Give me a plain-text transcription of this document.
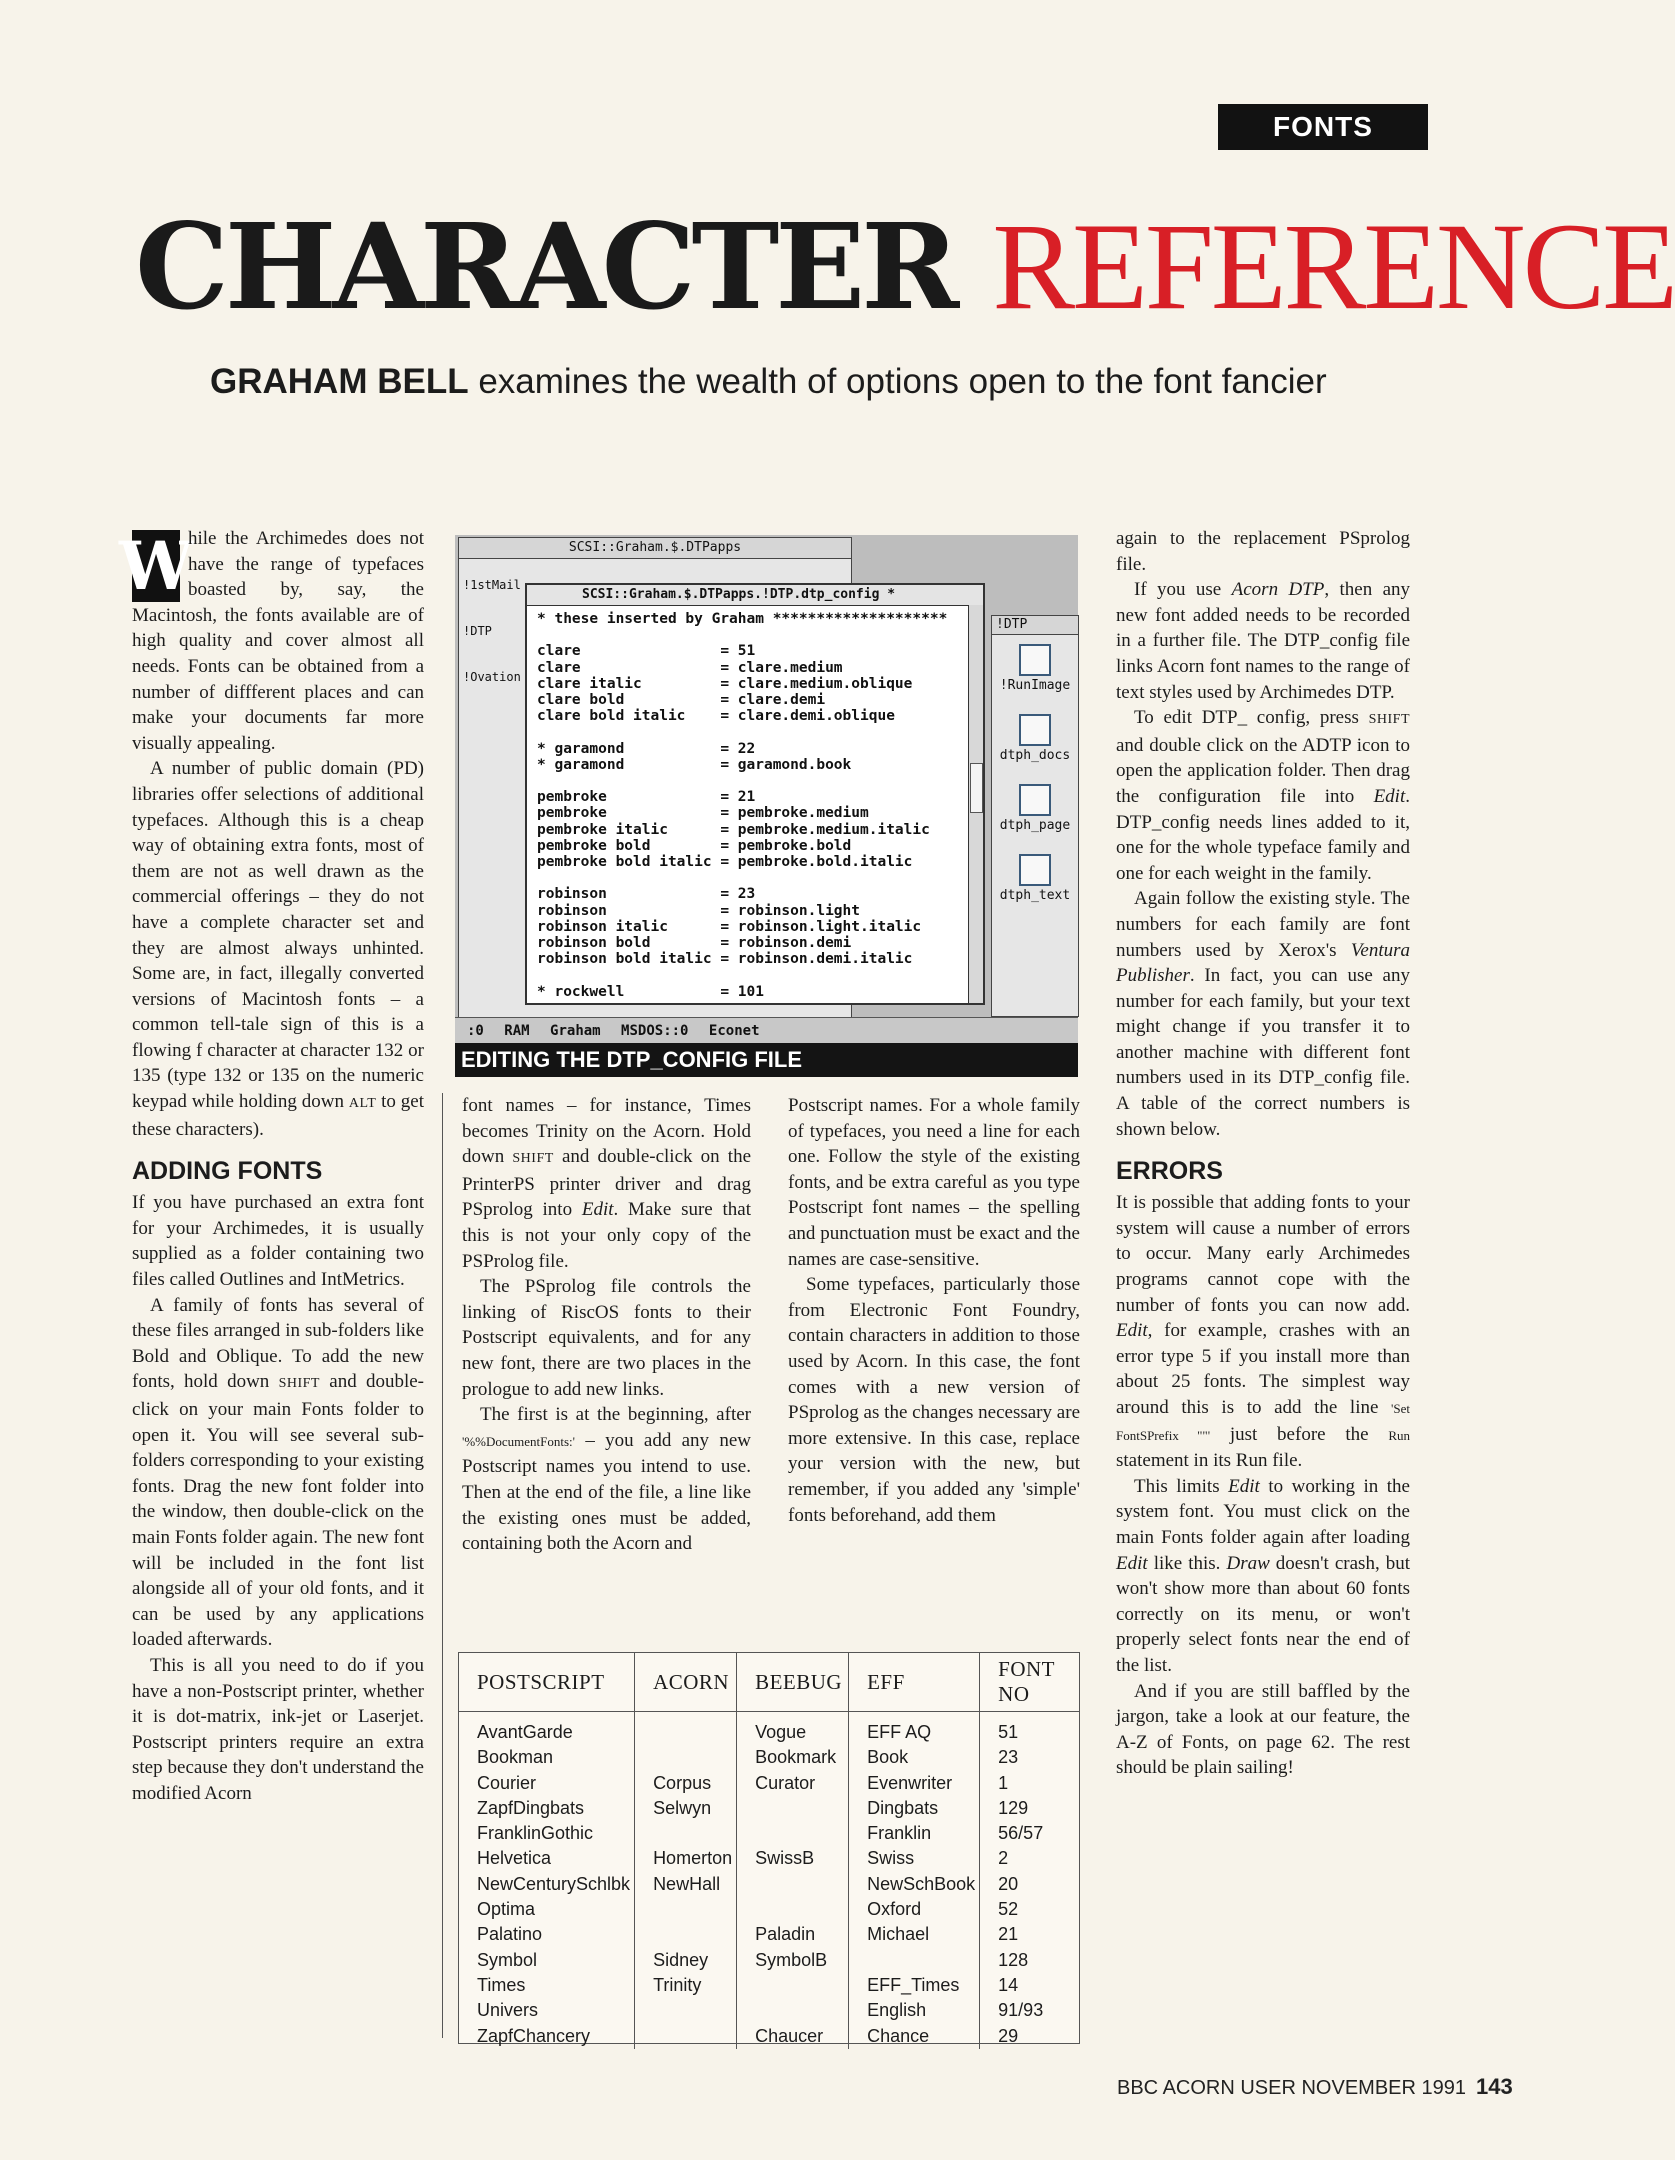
FONTS
CHARACTER REFERENCE
GRAHAM BELL examines the wealth of options open to the font fancier
W

hile the Archimedes does not have the range of typefaces boasted by, say, the Macintosh, the fonts available are of high quality and cover almost all needs. Fonts can be obtained from a number of diffferent places and can make your documents far more visually appealing.

A number of public domain (PD) libraries offer selections of additional typefaces. Although this is a cheap way of obtaining extra fonts, most of them are not as well drawn as the commercial offerings – they do not have a complete character set and they are almost always unhinted. Some are, in fact, illegally converted versions of Macintosh fonts – a common tell-tale sign of this is a flowing f character at character 132 or 135 (type 132 or 135 on the numeric keypad while holding down ALT to get these characters).

ADDING FONTS

If you have purchased an extra font for your Archimedes, it is usually supplied as a folder containing two files called Outlines and IntMetrics.

A family of fonts has several of these files arranged in sub-folders like Bold and Oblique. To add the new fonts, hold down SHIFT and double-click on your main Fonts folder to open it. You will see several sub-folders corresponding to your existing fonts. Drag the new font folder into the window, then double-click on the main Fonts folder again. The new font will be included in the font list alongside all of your old fonts, and it can be used by any applications loaded afterwards.

This is all you need to do if you have a non-Postscript printer, whether it is dot-matrix, ink-jet or Laserjet. Postscript printers require an extra step because they don't understand the modified Acorn

SCSI::Graham.$.DTPapps
!1stMail
!DTP
!Ovation
SCSI::Graham.$.DTPapps.!DTP.dtp_config *
* these inserted by Graham ********************
clare                = 51
clare                = clare.medium
clare italic         = clare.medium.oblique
clare bold           = clare.demi
clare bold italic    = clare.demi.oblique
* garamond           = 22
* garamond           = garamond.book
pembroke             = 21
pembroke             = pembroke.medium
pembroke italic      = pembroke.medium.italic
pembroke bold        = pembroke.bold
pembroke bold italic = pembroke.bold.italic
robinson             = 23
robinson             = robinson.light
robinson italic      = robinson.light.italic
robinson bold        = robinson.demi
robinson bold italic = robinson.demi.italic
* rockwell           = 101
!DTP
!RunImage
dtph_docs
dtph_page
dtph_text
:0 RAM Graham MSDOS::0 Econet
EDITING THE DTP_CONFIG FILE

font names – for instance, Times becomes Trinity on the Acorn. Hold down SHIFT and double-click on the PrinterPS printer driver and drag PSprolog into Edit. Make sure that this is not your only copy of the PSProlog file.

The PSprolog file controls the linking of RiscOS fonts to their Postscript equivalents, and for any new font, there are two places in the prologue to add new links.

The first is at the beginning, after '%%DocumentFonts:' – you add any new Postscript names you intend to use. Then at the end of the file, a line like the existing ones must be added, containing both the Acorn and

Postscript names. For a whole family of typefaces, you need a line for each one. Follow the style of the existing fonts, and be extra careful as you type Postscript font names – the spelling and punctuation must be exact and the names are case-sensitive.

Some typefaces, particularly those from Electronic Font Foundry, contain characters in addition to those used by Acorn. In this case, the font comes with a new version of PSprolog as the changes necessary are more extensive. In this case, replace your version with the new, but remember, if you added any 'simple' fonts beforehand, add them

again to the replacement PSprolog file.

If you use Acorn DTP, then any new font added needs to be recorded in a further file. The DTP_config file links Acorn font names to the range of text styles used by Archimedes DTP.

To edit DTP_ config, press SHIFT and double click on the ADTP icon to open the application folder. Then drag the configuration file into Edit. DTP_config needs lines added to it, one for the whole typeface family and one for each weight in the family.

Again follow the existing style. The numbers for each family are font numbers used by Xerox's Ventura Publisher. In fact, you can use any number for each family, but your text might change if you transfer it to another machine with different font numbers used in its DTP_config file. A table of the correct numbers is shown below.

ERRORS

It is possible that adding fonts to your system will cause a number of errors to occur. Many early Archimedes programs cannot cope with the number of fonts you can now add. Edit, for example, crashes with an error type 5 if you install more than about 25 fonts. The simplest way around this is to add the line 'Set FontSPrefix ""' just before the Run statement in its Run file.

This limits Edit to working in the system font. You must click on the main Fonts folder again after loading Edit like this. Draw doesn't crash, but won't show more than about 60 fonts correctly on its menu, or won't properly select fonts near the end of the list.

And if you are still baffled by the jargon, take a look at our feature, the A-Z of Fonts, on page 62. The rest should be plain sailing!

POSTSCRIPT	ACORN	BEEBUG	EFF	FONT NO
AvantGarde		Vogue	EFF AQ	51
Bookman		Bookmark	Book	23
Courier	Corpus	Curator	Evenwriter	1
ZapfDingbats	Selwyn		Dingbats	129
FranklinGothic			Franklin	56/57
Helvetica	Homerton	SwissB	Swiss	2
NewCenturySchlbk	NewHall		NewSchBook	20
Optima			Oxford	52
Palatino		Paladin	Michael	21
Symbol	Sidney	SymbolB		128
Times	Trinity		EFF_Times	14
Univers			English	91/93
ZapfChancery		Chaucer	Chance	29
BBC ACORN USER NOVEMBER 1991 143
